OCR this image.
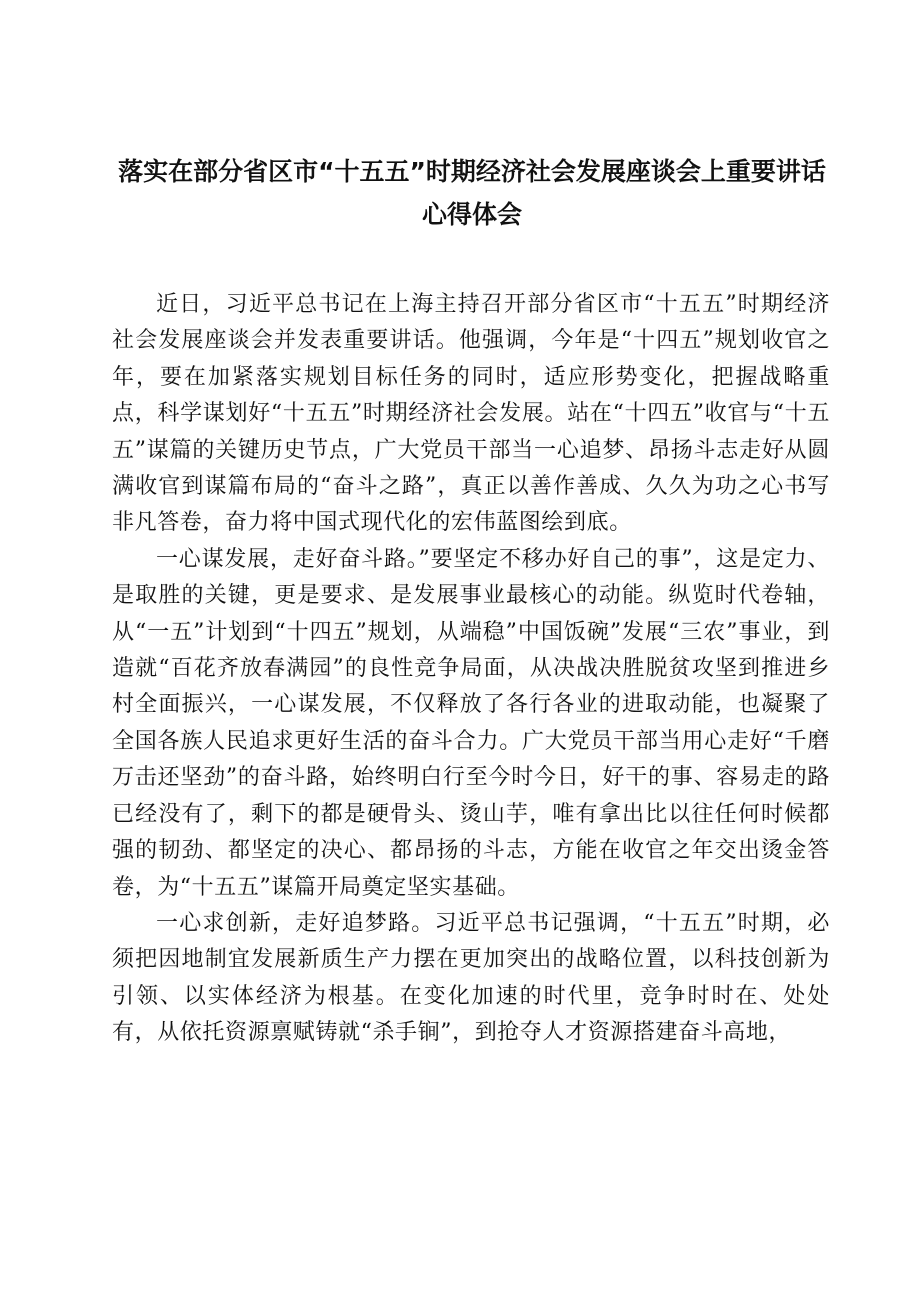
落实在部分省区市“十五五”时期经济社会发展座谈会上重要讲话心得体会

近日，习近平总书记在上海主持召开部分省区市“十五五”时期经济社会发展座谈会并发表重要讲话。他强调，今年是“十四五”规划收官之年，要在加紧落实规划目标任务的同时，适应形势变化，把握战略重点，科学谋划好“十五五”时期经济社会发展。站在“十四五”收官与“十五五”谋篇的关键历史节点，广大党员干部当一心追梦、昂扬斗志走好从圆满收官到谋篇布局的“奋斗之路”，真正以善作善成、久久为功之心书写非凡答卷，奋力将中国式现代化的宏伟蓝图绘到底。

一心谋发展，走好奋斗路。”要坚定不移办好自己的事”，这是定力、是取胜的关键，更是要求、是发展事业最核心的动能。纵览时代卷轴，从“一五”计划到“十四五”规划，从端稳”中国饭碗”发展“三农”事业，到造就“百花齐放春满园”的良性竞争局面，从决战决胜脱贫攻坚到推进乡村全面振兴，一心谋发展，不仅释放了各行各业的进取动能，也凝聚了全国各族人民追求更好生活的奋斗合力。广大党员干部当用心走好“千磨万击还坚劲”的奋斗路，始终明白行至今时今日，好干的事、容易走的路已经没有了，剩下的都是硬骨头、烫山芋，唯有拿出比以往任何时候都强的韧劲、都坚定的决心、都昂扬的斗志，方能在收官之年交出烫金答卷，为“十五五”谋篇开局奠定坚实基础。

一心求创新，走好追梦路。习近平总书记强调，“十五五”时期，必须把因地制宜发展新质生产力摆在更加突出的战略位置，以科技创新为引领、以实体经济为根基。在变化加速的时代里，竞争时时在、处处有，从依托资源禀赋铸就“杀手锏”，到抢夺人才资源搭建奋斗高地，
